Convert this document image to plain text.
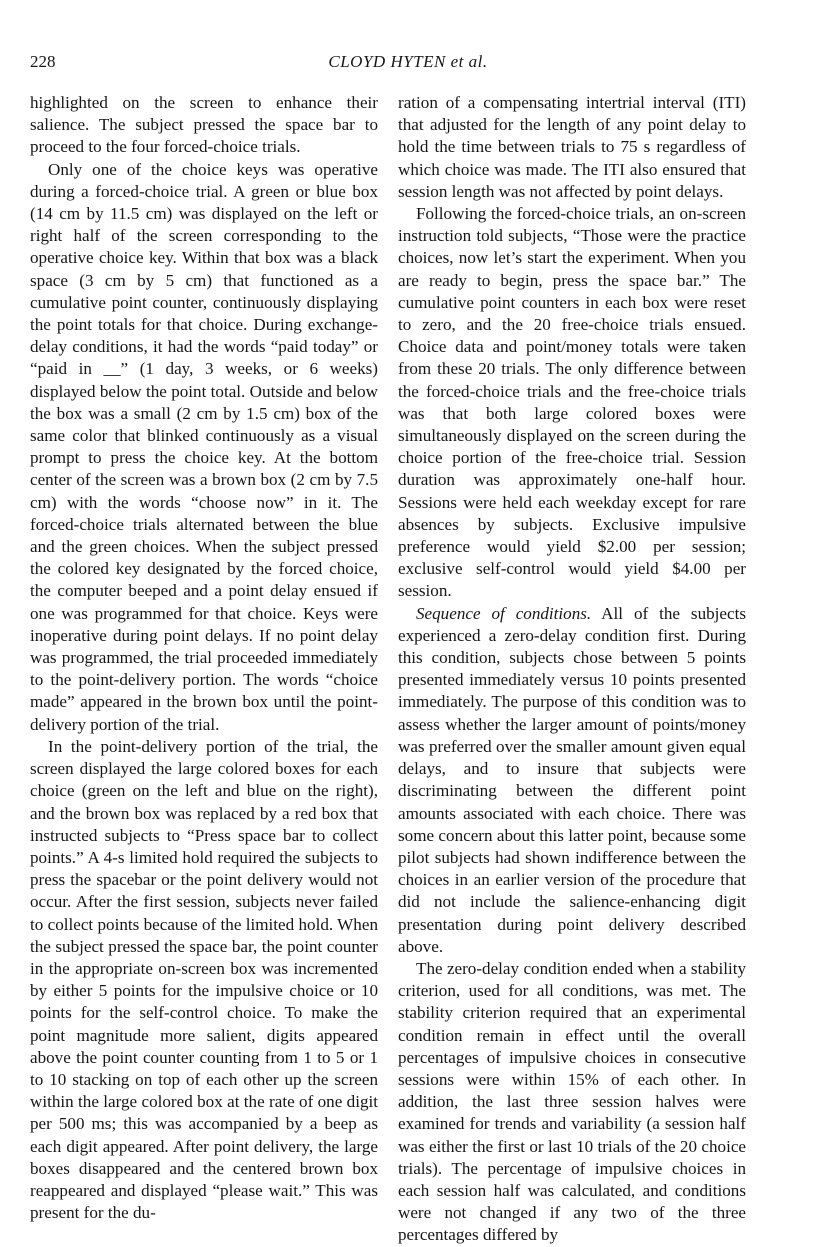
228	CLOYD HYTEN et al.

highlighted on the screen to enhance their salience. The subject pressed the space bar to proceed to the four forced-choice trials.

Only one of the choice keys was operative during a forced-choice trial. A green or blue box (14 cm by 11.5 cm) was displayed on the left or right half of the screen corresponding to the operative choice key. Within that box was a black space (3 cm by 5 cm) that functioned as a cumulative point counter, continuously displaying the point totals for that choice. During exchange-delay conditions, it had the words “paid today” or “paid in __” (1 day, 3 weeks, or 6 weeks) displayed below the point total. Outside and below the box was a small (2 cm by 1.5 cm) box of the same color that blinked continuously as a visual prompt to press the choice key. At the bottom center of the screen was a brown box (2 cm by 7.5 cm) with the words “choose now” in it. The forced-choice trials alternated between the blue and the green choices. When the subject pressed the colored key designated by the forced choice, the computer beeped and a point delay ensued if one was programmed for that choice. Keys were inoperative during point delays. If no point delay was programmed, the trial proceeded immediately to the point-delivery portion. The words “choice made” appeared in the brown box until the point-delivery portion of the trial.

In the point-delivery portion of the trial, the screen displayed the large colored boxes for each choice (green on the left and blue on the right), and the brown box was replaced by a red box that instructed subjects to “Press space bar to collect points.” A 4-s limited hold required the subjects to press the spacebar or the point delivery would not occur. After the first session, subjects never failed to collect points because of the limited hold. When the subject pressed the space bar, the point counter in the appropriate on-screen box was incremented by either 5 points for the impulsive choice or 10 points for the self-control choice. To make the point magnitude more salient, digits appeared above the point counter counting from 1 to 5 or 1 to 10 stacking on top of each other up the screen within the large colored box at the rate of one digit per 500 ms; this was accompanied by a beep as each digit appeared. After point delivery, the large boxes disappeared and the centered brown box reappeared and displayed “please wait.” This was present for the du-

ration of a compensating intertrial interval (ITI) that adjusted for the length of any point delay to hold the time between trials to 75 s regardless of which choice was made. The ITI also ensured that session length was not affected by point delays.

Following the forced-choice trials, an on-screen instruction told subjects, “Those were the practice choices, now let’s start the experiment. When you are ready to begin, press the space bar.” The cumulative point counters in each box were reset to zero, and the 20 free-choice trials ensued. Choice data and point/money totals were taken from these 20 trials. The only difference between the forced-choice trials and the free-choice trials was that both large colored boxes were simultaneously displayed on the screen during the choice portion of the free-choice trial. Session duration was approximately one-half hour. Sessions were held each weekday except for rare absences by subjects. Exclusive impulsive preference would yield $2.00 per session; exclusive self-control would yield $4.00 per session.

Sequence of conditions. All of the subjects experienced a zero-delay condition first. During this condition, subjects chose between 5 points presented immediately versus 10 points presented immediately. The purpose of this condition was to assess whether the larger amount of points/money was preferred over the smaller amount given equal delays, and to insure that subjects were discriminating between the different point amounts associated with each choice. There was some concern about this latter point, because some pilot subjects had shown indifference between the choices in an earlier version of the procedure that did not include the salience-enhancing digit presentation during point delivery described above.

The zero-delay condition ended when a stability criterion, used for all conditions, was met. The stability criterion required that an experimental condition remain in effect until the overall percentages of impulsive choices in consecutive sessions were within 15% of each other. In addition, the last three session halves were examined for trends and variability (a session half was either the first or last 10 trials of the 20 choice trials). The percentage of impulsive choices in each session half was calculated, and conditions were not changed if any two of the three percentages differed by
